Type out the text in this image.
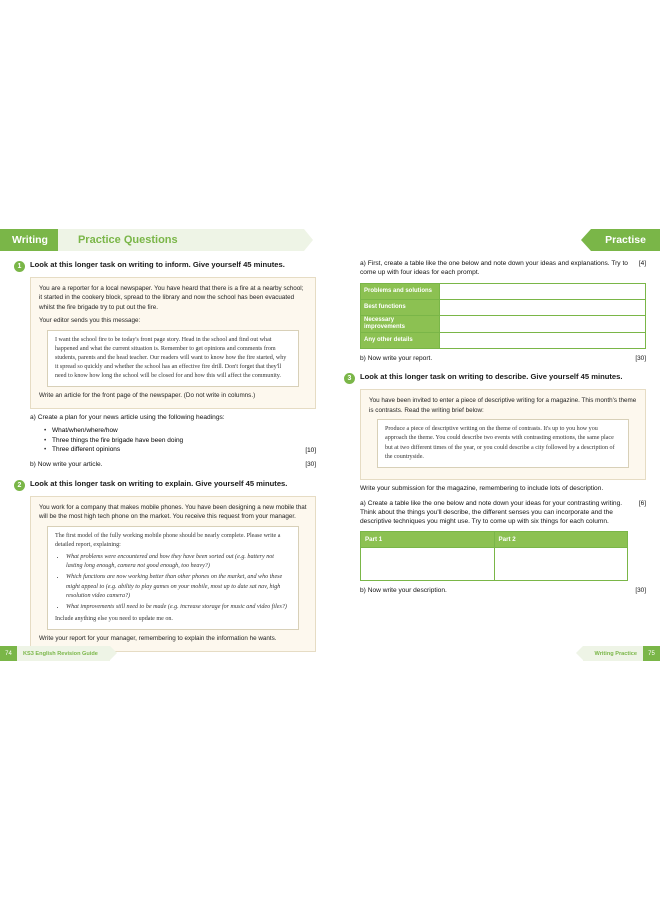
Writing	Practice Questions
1	Look at this longer task on writing to inform. Give yourself 45 minutes.

You are a reporter for a local newspaper. You have heard that there is a fire at a nearby school; it started in the cookery block, spread to the library and now the school has been evacuated whilst the fire brigade try to put out the fire.

Your editor sends you this message:

I want the school fire to be today's front page story. Head in the school and find out what happened and what the current situation is. Remember to get opinions and comments from students, parents and the head teacher. Our readers will want to know how the fire started, why it spread so quickly and whether the school has an effective fire drill. Don't forget that they'll need to know how long the school will be closed for and how this will affect the community.

Write an article for the front page of the newspaper. (Do not write in columns.)

a) Create a plan for your news article using the following headings:
• What/when/where/how
• Three things the fire brigade have been doing
• Three different opinions	[10]
b) Now write your article.	[30]
2	Look at this longer task on writing to explain. Give yourself 45 minutes.

You work for a company that makes mobile phones. You have been designing a new mobile that will be the most high tech phone on the market. You receive this request from your manager.

The first model of the fully working mobile phone should be nearly complete. Please write a detailed report, explaining:

• What problems were encountered and how they have been sorted out (e.g. battery not lasting long enough, camera not good enough, too heavy?)
• Which functions are now working better than other phones on the market, and who these might appeal to (e.g. ability to play games on your mobile, most up to date sat nav, high resolution video camera?)
• What improvements still need to be made (e.g. increase storage for music and video files?)

Include anything else you need to update me on.

Write your report for your manager, remembering to explain the information he wants.

74	KS3 English Revision Guide
Practise
a) First, create a table like the one below and note down your ideas and explanations. Try to come up with four ideas for each prompt.
[4]
Problems and solutions	
Best functions	
Necessary improvements	
Any other details	
b) Now write your report.	[30]
3	Look at this longer task on writing to describe. Give yourself 45 minutes.

You have been invited to enter a piece of descriptive writing for a magazine. This month's theme is contrasts. Read the writing brief below:

Produce a piece of descriptive writing on the theme of contrasts. It's up to you how you approach the theme. You could describe two events with contrasting emotions, the same place but at two different times of the year, or you could describe a city followed by a description of the countryside.

Write your submission for the magazine, remembering to include lots of description.
a) Create a table like the one below and note down your ideas for your contrasting writing. Think about the things you'll describe, the different senses you can incorporate and the descriptive techniques you might use. Try to come up with six things for each column.
[6]
Part 1	Part 2

b) Now write your description.	[30]
Writing Practice	75
